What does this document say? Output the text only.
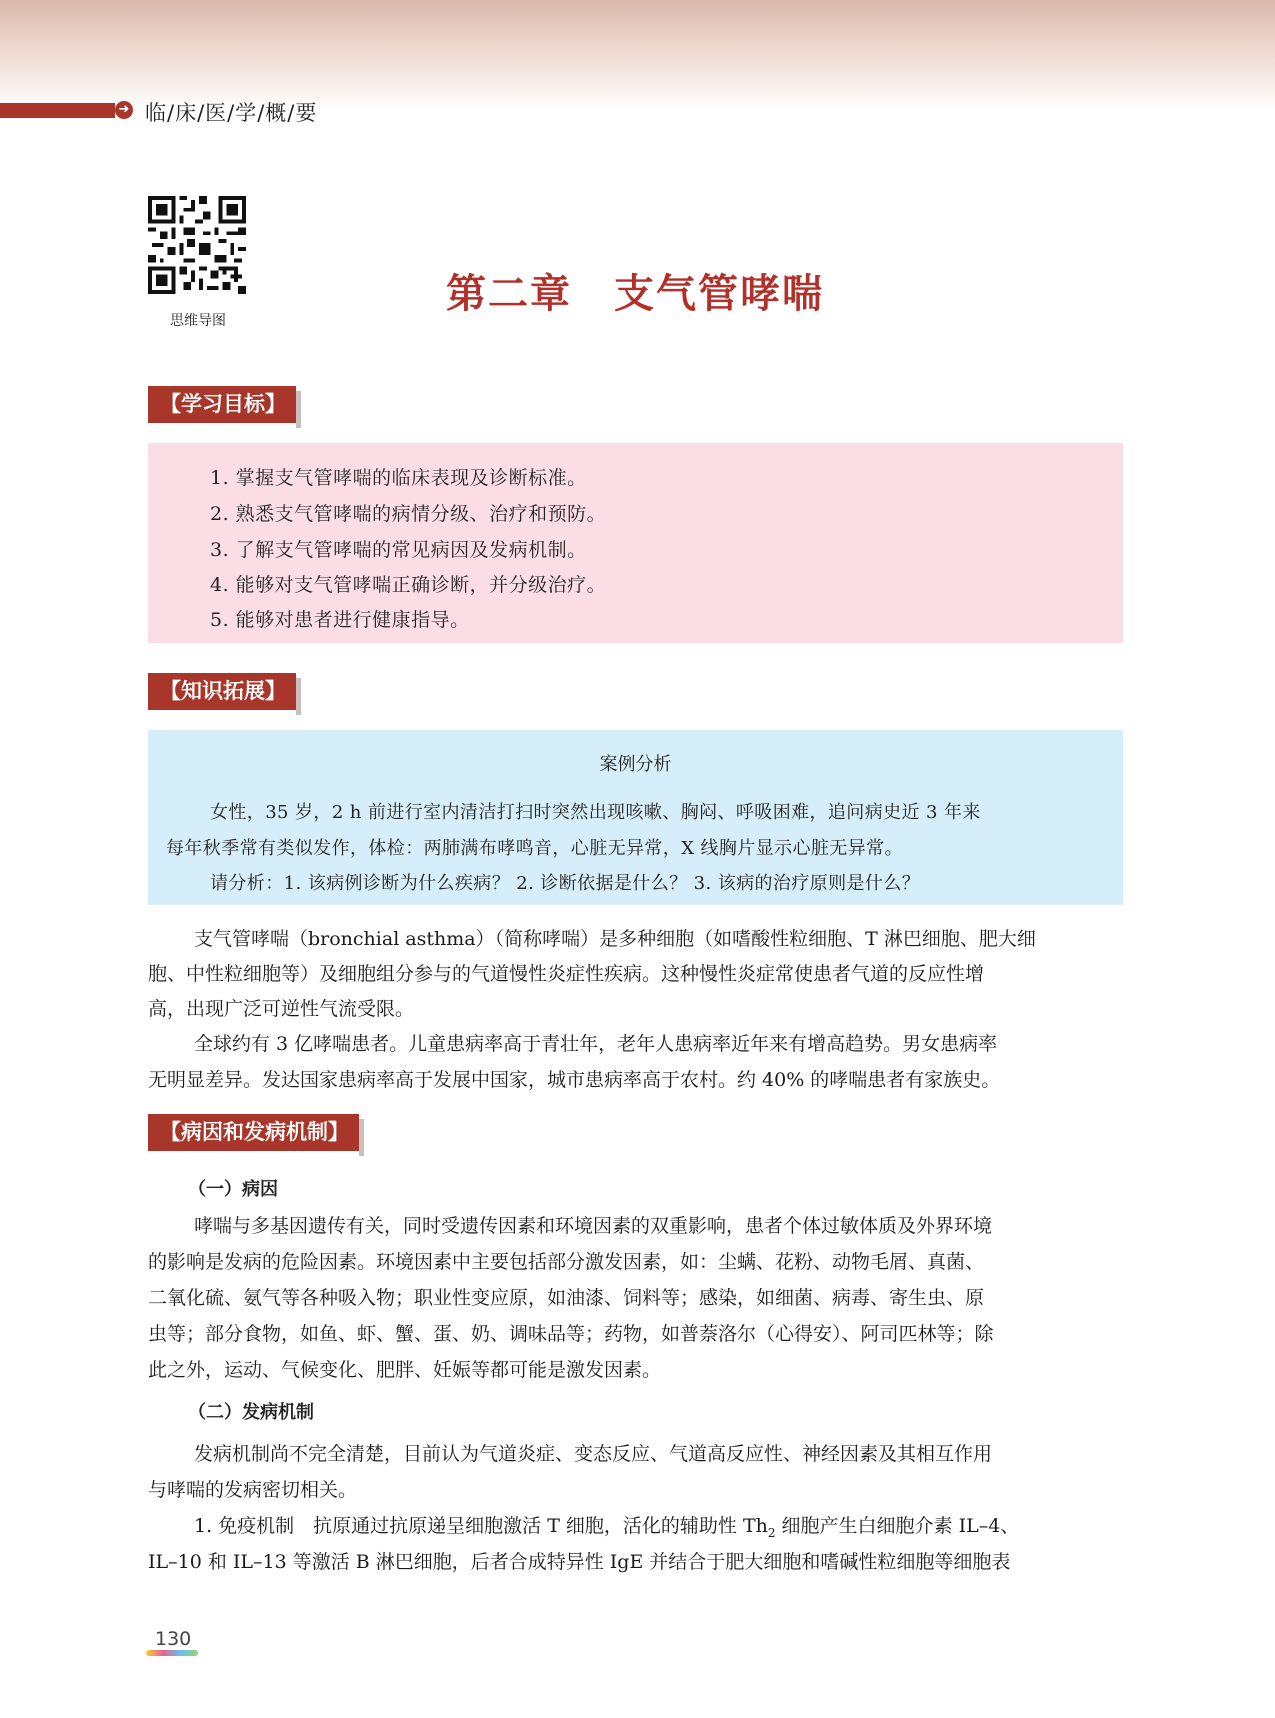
➜ 临/床/医/学/概/要
思维导图
第二章　支气管哮喘
【学习目标】
1. 掌握支气管哮喘的临床表现及诊断标准。
2. 熟悉支气管哮喘的病情分级、治疗和预防。
3. 了解支气管哮喘的常见病因及发病机制。
4. 能够对支气管哮喘正确诊断，并分级治疗。
5. 能够对患者进行健康指导。
【知识拓展】
案例分析
女性，35 岁，2 h 前进行室内清洁打扫时突然出现咳嗽、胸闷、呼吸困难，追问病史近 3 年来
每年秋季常有类似发作，体检：两肺满布哮鸣音，心脏无异常，X 线胸片显示心脏无异常。
请分析：1. 该病例诊断为什么疾病？ 2. 诊断依据是什么？ 3. 该病的治疗原则是什么？
支气管哮喘（bronchial asthma）（简称哮喘）是多种细胞（如嗜酸性粒细胞、T 淋巴细胞、肥大细
胞、中性粒细胞等）及细胞组分参与的气道慢性炎症性疾病。这种慢性炎症常使患者气道的反应性增
高，出现广泛可逆性气流受限。
全球约有 3 亿哮喘患者。儿童患病率高于青壮年，老年人患病率近年来有增高趋势。男女患病率
无明显差异。发达国家患病率高于发展中国家，城市患病率高于农村。约 40% 的哮喘患者有家族史。
【病因和发病机制】
（一）病因
哮喘与多基因遗传有关，同时受遗传因素和环境因素的双重影响，患者个体过敏体质及外界环境
的影响是发病的危险因素。环境因素中主要包括部分激发因素，如：尘螨、花粉、动物毛屑、真菌、
二氧化硫、氨气等各种吸入物；职业性变应原，如油漆、饲料等；感染，如细菌、病毒、寄生虫、原
虫等；部分食物，如鱼、虾、蟹、蛋、奶、调味品等；药物，如普萘洛尔（心得安）、阿司匹林等；除
此之外，运动、气候变化、肥胖、妊娠等都可能是激发因素。
（二）发病机制
发病机制尚不完全清楚，目前认为气道炎症、变态反应、气道高反应性、神经因素及其相互作用
与哮喘的发病密切相关。
1. 免疫机制　抗原通过抗原递呈细胞激活 T 细胞，活化的辅助性 $Th_2$ 细胞产生白细胞介素 IL–4、
IL–10 和 IL–13 等激活 B 淋巴细胞，后者合成特异性 IgE 并结合于肥大细胞和嗜碱性粒细胞等细胞表
130
